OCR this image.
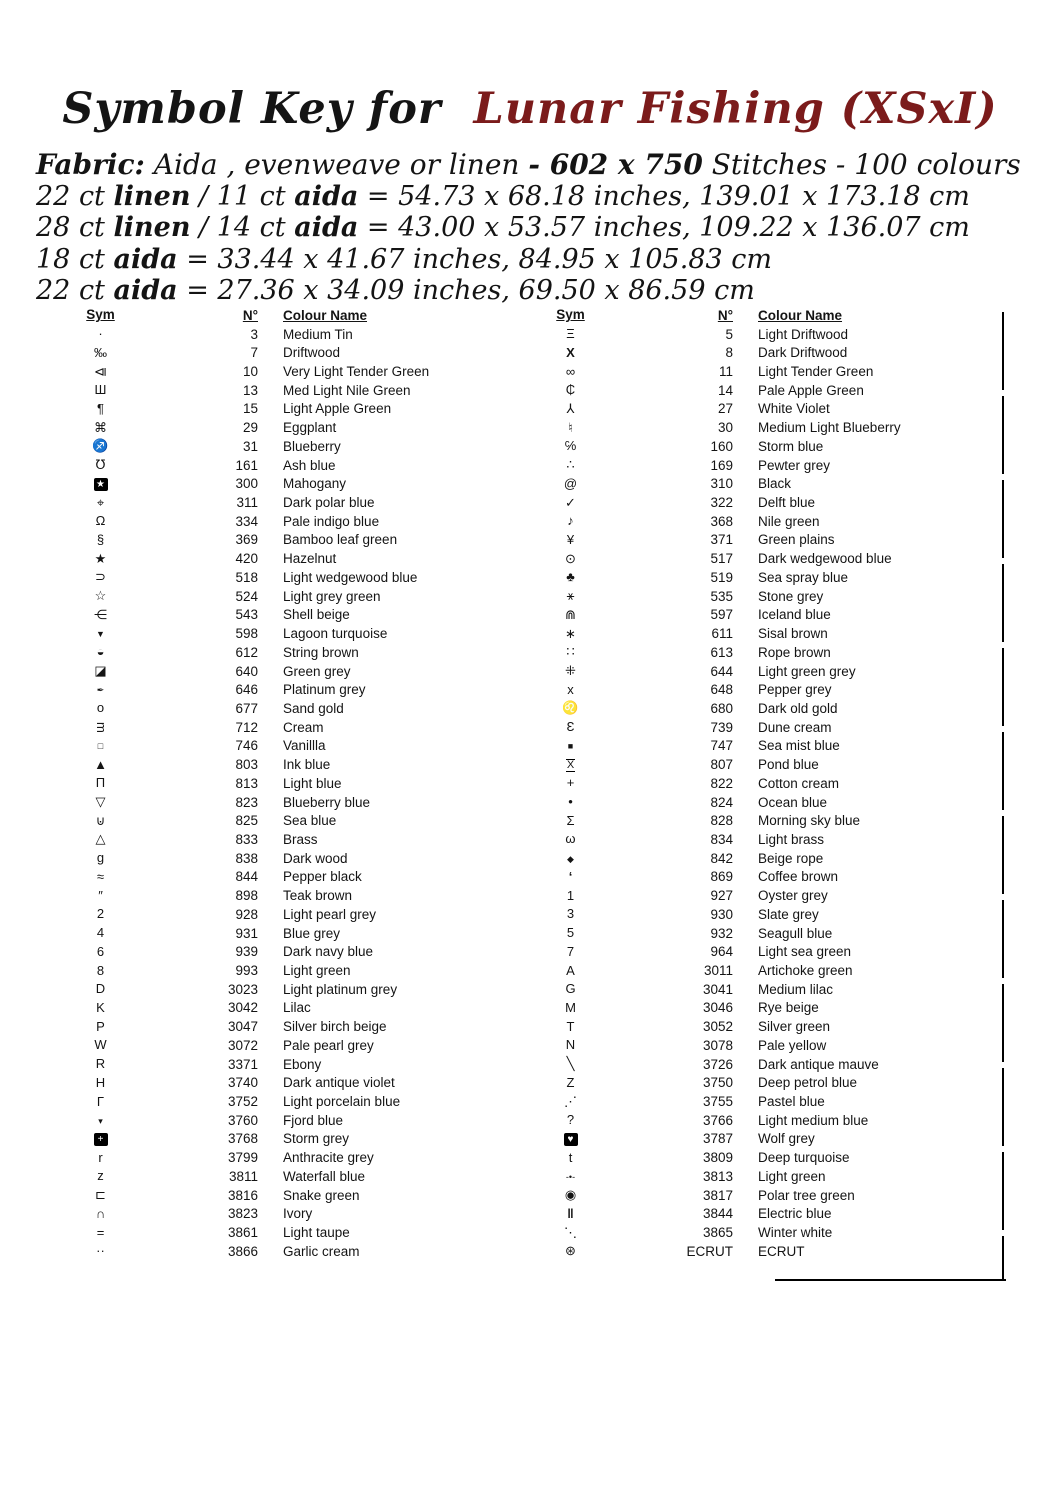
Symbol Key for Lunar Fishing (XSxI)
Fabric: Aida , evenweave or linen - 602 x 750 Stitches - 100 colours
22 ct linen / 11 ct aida = 54.73 x 68.18 inches, 139.01 x 173.18 cm
28 ct linen / 14 ct aida = 43.00 x 53.57 inches, 109.22 x 136.07 cm
18 ct aida = 33.44 x 41.67 inches, 84.95 x 105.83 cm
22 ct aida = 27.36 x 34.09 inches, 69.50 x 86.59 cm
Sym	N°	Colour Name
·	3	Medium Tin
‰	7	Driftwood
⧏	10	Very Light Tender Green
Ш	13	Med Light Nile Green
¶	15	Light Apple Green
⌘	29	Eggplant
♐	31	Blueberry
℧	161	Ash blue
★	300	Mahogany
⌖	311	Dark polar blue
Ω	334	Pale indigo blue
§	369	Bamboo leaf green
★	420	Hazelnut
⊃	518	Light wedgewood blue
☆	524	Light grey green
⋲	543	Shell beige
▼	598	Lagoon turquoise
◒	612	String brown
◪	640	Green grey
✒	646	Platinum grey
o	677	Sand gold
ᴟ	712	Cream
□	746	Vanillla
▲	803	Ink blue
Π	813	Light blue
▽	823	Blueberry blue
⊍	825	Sea blue
△	833	Brass
g	838	Dark wood
≈	844	Pepper black
″	898	Teak brown
2	928	Light pearl grey
4	931	Blue grey
6	939	Dark navy blue
8	993	Light green
D	3023	Light platinum grey
K	3042	Lilac
P	3047	Silver birch beige
W	3072	Pale pearl grey
R	3371	Ebony
H	3740	Dark antique violet
Γ	3752	Light porcelain blue
▾	3760	Fjord blue
+	3768	Storm grey
r	3799	Anthracite grey
z	3811	Waterfall blue
⊏	3816	Snake green
∩	3823	Ivory
=	3861	Light taupe
··	3866	Garlic cream
Sym	N°	Colour Name
Ξ	5	Light Driftwood
X	8	Dark Driftwood
∞	11	Light Tender Green
₵	14	Pale Apple Green
⅄	27	White Violet
♮	30	Medium Light Blueberry
℅	160	Storm blue
∴	169	Pewter grey
@	310	Black
✓	322	Delft blue
♪	368	Nile green
¥	371	Green plains
⊙	517	Dark wedgewood blue
♣	519	Sea spray blue
⚹	535	Stone grey
⋒	597	Iceland blue
∗	611	Sisal brown
∷	613	Rope brown
⁜	644	Light green grey
x	648	Pepper grey
♌	680	Dark old gold
Ɛ	739	Dune cream
■	747	Sea mist blue
X	807	Pond blue
+	822	Cotton cream
•	824	Ocean blue
Σ	828	Morning sky blue
ω	834	Light brass
◆	842	Beige rope
‘	869	Coffee brown
1	927	Oyster grey
3	930	Slate grey
5	932	Seagull blue
7	964	Light sea green
A	3011	Artichoke green
G	3041	Medium lilac
M	3046	Rye beige
T	3052	Silver green
N	3078	Pale yellow
╲	3726	Dark antique mauve
Z	3750	Deep petrol blue
⋰	3755	Pastel blue
?	3766	Light medium blue
♥	3787	Wolf grey
t	3809	Deep turquoise
-•-	3813	Light green
◉	3817	Polar tree green
‖	3844	Electric blue
⋱	3865	Winter white
⊛	ECRUT	ECRUT
